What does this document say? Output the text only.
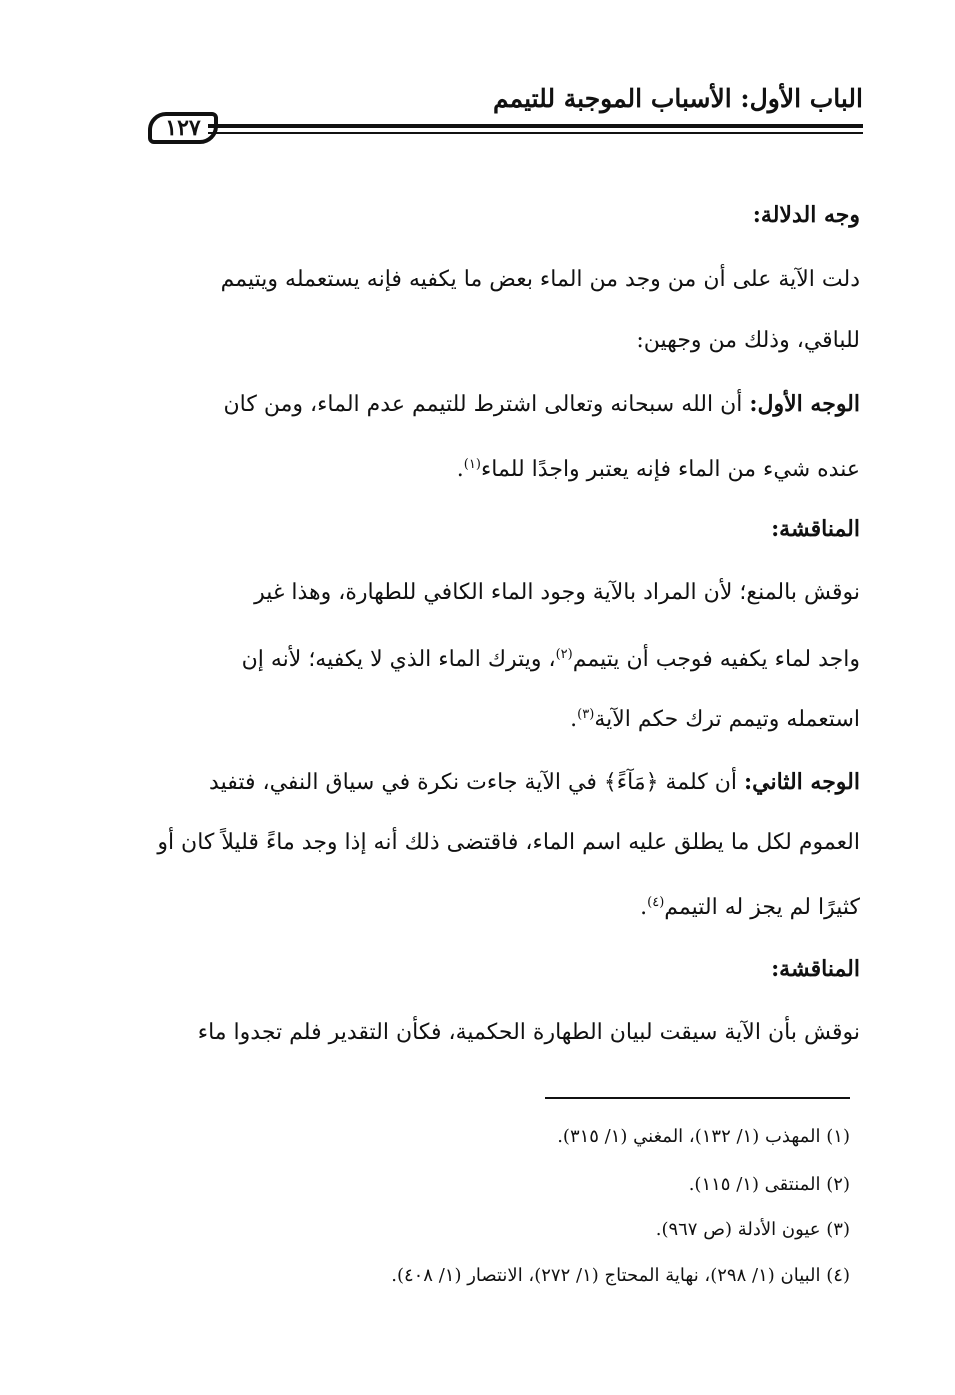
الباب الأول: الأسباب الموجبة للتيمم
١٢٧
وجه الدلالة:
دلت الآية على أن من وجد من الماء بعض ما يكفيه فإنه يستعمله ويتيمم
للباقي، وذلك من وجهين:
الوجه الأول: أن الله سبحانه وتعالى اشترط للتيمم عدم الماء، ومن كان
عنده شيء من الماء فإنه يعتبر واجدًا للماء$^{(١)}$.
المناقشة:
نوقش بالمنع؛ لأن المراد بالآية وجود الماء الكافي للطهارة، وهذا غير
واجد لماء يكفيه فوجب أن يتيمم$^{(٢)}$، ويترك الماء الذي لا يكفيه؛ لأنه إن
استعمله وتيمم ترك حكم الآية$^{(٣)}$.
الوجه الثاني: أن كلمة ﴿مَآءً﴾ في الآية جاءت نكرة في سياق النفي، فتفيد
العموم لكل ما يطلق عليه اسم الماء، فاقتضى ذلك أنه إذا وجد ماءً قليلاً كان أو
كثيرًا لم يجز له التيمم$^{(٤)}$.
المناقشة:
نوقش بأن الآية سيقت لبيان الطهارة الحكمية، فكأن التقدير فلم تجدوا ماء
(١) المهذب (١/ ١٣٢)، المغني (١/ ٣١٥).
(٢) المنتقى (١/ ١١٥).
(٣) عيون الأدلة (ص ٩٦٧).
(٤) البيان (١/ ٢٩٨)، نهاية المحتاج (١/ ٢٧٢)، الانتصار (١/ ٤٠٨).
